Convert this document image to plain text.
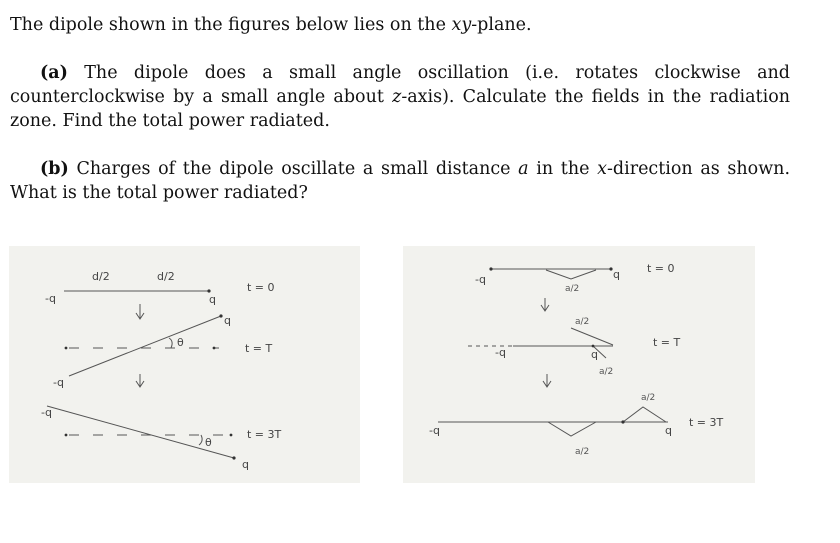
The dipole shown in the figures below lies on the xy-plane.
(a) The dipole does a small angle oscillation (i.e. rotates clockwise and counterclockwise by a small angle about z-axis). Calculate the fields in the radiation zone. Find the total power radiated.
(b) Charges of the dipole oscillate a small distance a in the x-direction as shown. What is the total power radiated?
d/2	d/2
-q	q
t = 0
q
θ	t = T
-q
-q
θ
t = 3T
q
-q	q t = 0
a/2
a/2
-q	q
t = T
a/2
a/2
t = 3T
-q	q
a/2
